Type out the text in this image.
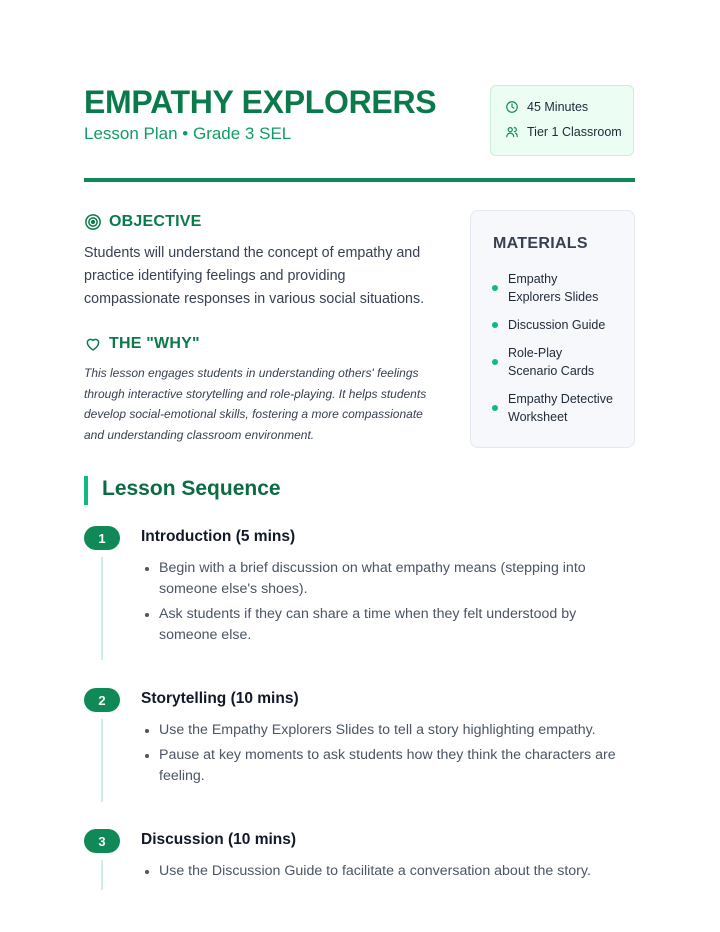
EMPATHY EXPLORERS
Lesson Plan • Grade 3 SEL
45 Minutes
Tier 1 Classroom
OBJECTIVE

Students will understand the concept of empathy and practice identifying feelings and providing compassionate responses in various social situations.

THE "WHY"

This lesson engages students in understanding others' feelings through interactive storytelling and role-playing. It helps students develop social-emotional skills, fostering a more compassionate and understanding classroom environment.

MATERIALS
Empathy Explorers Slides
Discussion Guide
Role-Play Scenario Cards
Empathy Detective Worksheet
Lesson Sequence
1	Introduction (5 mins)
Begin with a brief discussion on what empathy means (stepping into someone else's shoes).
Ask students if they can share a time when they felt understood by someone else.
2	Storytelling (10 mins)
Use the Empathy Explorers Slides to tell a story highlighting empathy.
Pause at key moments to ask students how they think the characters are feeling.
3	Discussion (10 mins)
Use the Discussion Guide to facilitate a conversation about the story.
